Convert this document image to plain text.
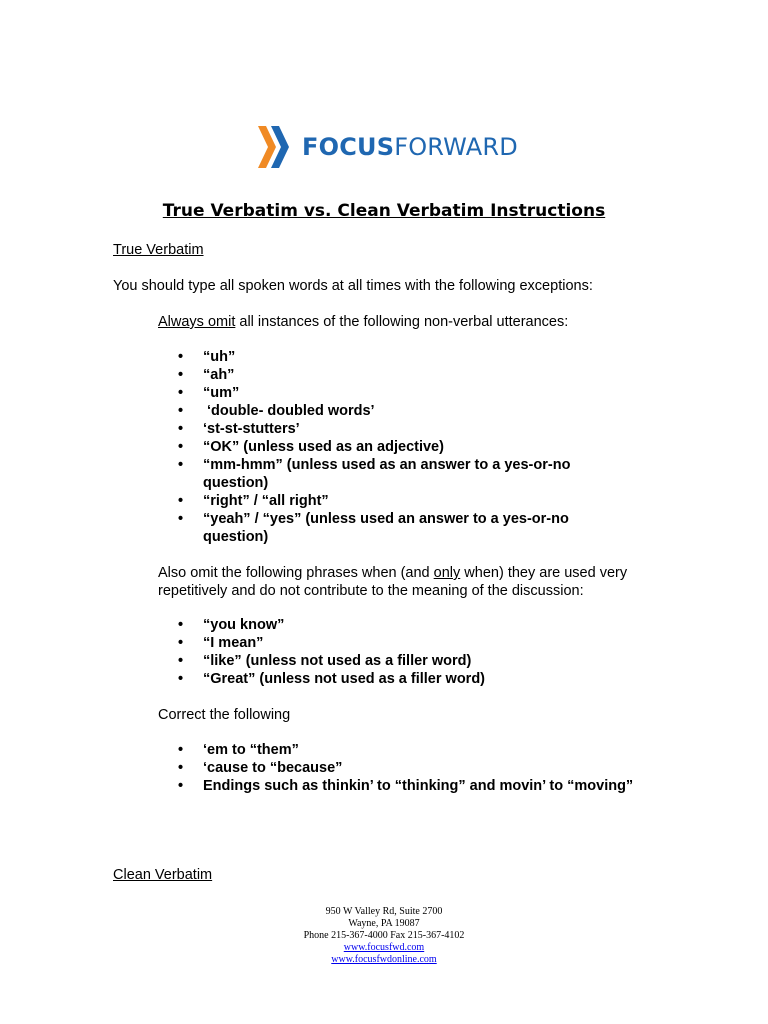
FOCUSFORWARD
True Verbatim vs. Clean Verbatim Instructions
True Verbatim
You should type all spoken words at all times with the following exceptions:
Always omit all instances of the following non-verbal utterances:
• “uh”
• “ah”
• “um”
•  ‘double- doubled words’
• ‘st-st-stutters’
• “OK” (unless used as an adjective)
• “mm-hmm” (unless used as an answer to a yes-or-no question)
• “right” / “all right”
• “yeah” / “yes” (unless used an answer to a yes-or-no question)
Also omit the following phrases when (and only when) they are used very repetitively and do not contribute to the meaning of the discussion:
• “you know”
• “I mean”
• “like” (unless not used as a filler word)
• “Great” (unless not used as a filler word)
Correct the following
• ‘em to “them”
• ‘cause to “because”
• Endings such as thinkin’ to “thinking” and movin’ to “moving”
Clean Verbatim
950 W Valley Rd, Suite 2700
Wayne, PA 19087
Phone 215-367-4000 Fax 215-367-4102
www.focusfwd.com
www.focusfwdonline.com
